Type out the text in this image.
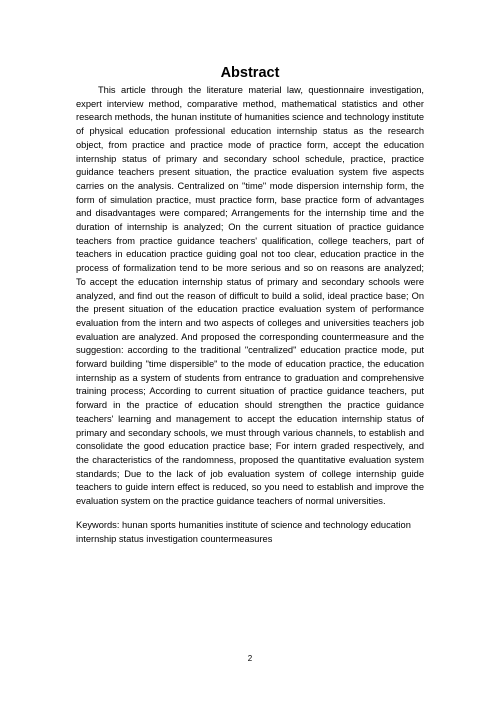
Abstract

This article through the literature material law, questionnaire investigation, expert interview method, comparative method, mathematical statistics and other research methods, the hunan institute of humanities science and technology institute of physical education professional education internship status as the research object, from practice and practice mode of practice form, accept the education internship status of primary and secondary school schedule, practice, practice guidance teachers present situation, the practice evaluation system five aspects carries on the analysis. Centralized on "time" mode dispersion internship form, the form of simulation practice, must practice form, base practice form of advantages and disadvantages were compared; Arrangements for the internship time and the duration of internship is analyzed; On the current situation of practice guidance teachers from practice guidance teachers' qualification, college teachers, part of teachers in education practice guiding goal not too clear, education practice in the process of formalization tend to be more serious and so on reasons are analyzed; To accept the education internship status of primary and secondary schools were analyzed, and find out the reason of difficult to build a solid, ideal practice base; On the present situation of the education practice evaluation system of performance evaluation from the intern and two aspects of colleges and universities teachers job evaluation are analyzed. And proposed the corresponding countermeasure and the suggestion: according to the traditional "centralized" education practice mode, put forward building "time dispersible" to the mode of education practice, the education internship as a system of students from entrance to graduation and comprehensive training process; According to current situation of practice guidance teachers, put forward in the practice of education should strengthen the practice guidance teachers' learning and management to accept the education internship status of primary and secondary schools, we must through various channels, to establish and consolidate the good education practice base; For intern graded respectively, and the characteristics of the randomness, proposed the quantitative evaluation system standards; Due to the lack of job evaluation system of college internship guide teachers to guide intern effect is reduced, so you need to establish and improve the evaluation system on the practice guidance teachers of normal universities.

Keywords: hunan sports humanities institute of science and technology education internship status investigation countermeasures

2
